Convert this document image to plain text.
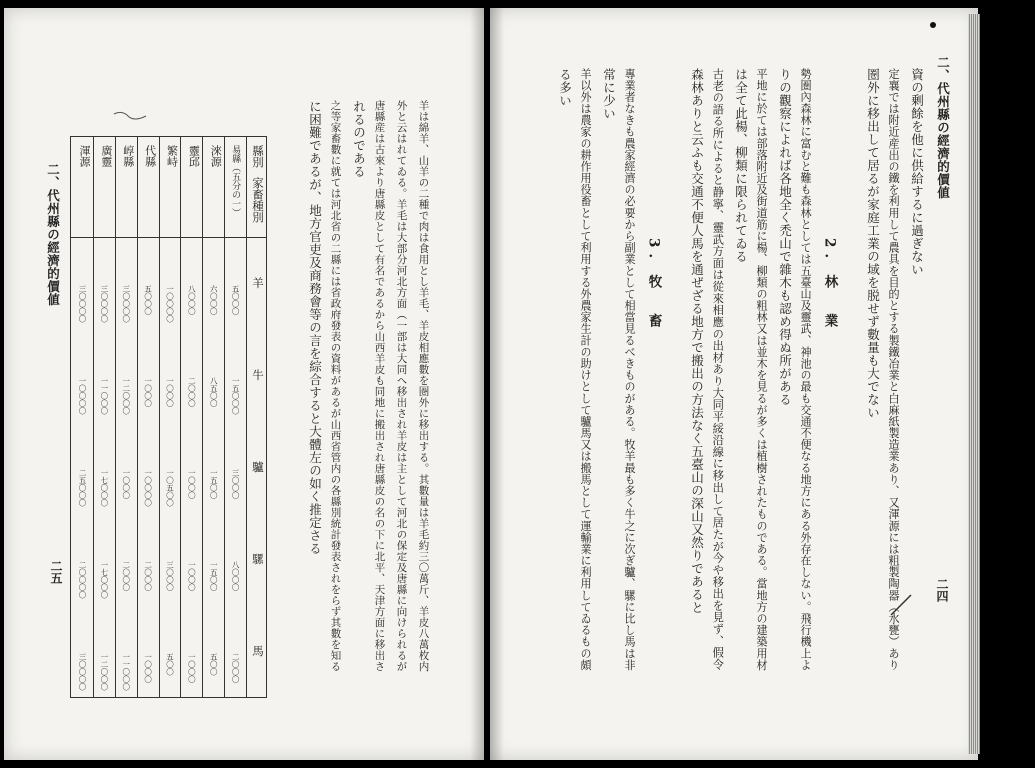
二、代州縣の經濟的價値
二五
家畜種別
縣別
羊
牛
驢
騾
馬
易縣（五分の一）
五〇〇〇
一五〇〇〇
三〇〇〇
八〇〇〇
二〇〇〇
淶源
六〇〇〇
八五〇〇
一五〇〇
一五〇〇
五〇〇
靈邱
八〇〇〇
二〇〇〇
一〇〇〇
一〇〇〇
一〇〇〇
繁峙
一〇〇〇〇
一〇〇〇
一〇五〇〇
三〇〇〇
五〇〇
代縣
五〇〇〇
一〇〇〇
一〇〇〇〇
二〇〇〇
一〇〇〇
崞縣
三〇〇〇〇
一二〇〇〇
一〇〇〇
二〇〇〇
一一〇〇〇
廣靈
三〇〇〇〇
一一〇〇〇
一七〇〇〇
一七〇〇〇
一二〇〇〇
渾源
三〇〇〇〇
一〇〇〇〇
二五〇〇〇
二〇〇〇〇
三〇〇〇〇	羊は綿羊、山羊の二種で肉は食用とし羊毛、羊皮相應數を圏外に移出する。其數量は羊毛約三〇萬斤、羊皮八萬枚内
外と云はれてゐる。羊毛は大部分河北方面（一部は大同へ移出され羊皮は主として河北の保定及唐縣に向けられるが
唐縣産は古來より唐縣皮として有名であるから山西羊皮も同地に搬出され唐縣皮の名の下に北平、天津方面に移出さ
れるのである
之等家畜數に就ては河北省の二縣には省政府發表の資料があるが山西省管内の各縣別統計發表されをらず其數を知る
に困難であるが、地方官吏及商務會等の言を綜合すると大體左の如く推定さる	二、代州縣の經濟的價値
二四
資の剰餘を他に供給するに過ぎない
定襄では附近産出の鐵を利用して農具を目的とする製鐵冶業と白麻紙製造業あり、又渾源には粗製陶器（水甕）あり
圏外に移出して居るが家庭工業の域を脱せず數量も大でない
2. 林　業
勢圏內森林に富むと難も森林としては五臺山及靈武、神池の最も交通不便なる地方にある外存在しない。飛行機上よ
りの觀察によれば各地全く禿山で雜木も認め得ぬ所がある
平地に於ては部落附近及街道筋に楊、柳類の粗林又は並木を見るが多くは植樹されたものである。當地方の建築用材
は全て此楊、柳類に限られてゐる
古老の語る所によると静寧、靈武方面は從來相應の出材あり大同平綏沿線に移出して居たが今や移出を見ず、假令
森林ありと云ふも交通不便人馬を通ぜざる地方で搬出の方法なく五臺山の深山又然りであると
3. 牧　畜
專業者なきも農家經濟の必要から副業として相當見るべきものがある。牧羊最も多く牛之に次ぎ驢、騾に比し馬は非
常に少い
羊以外は農家の耕作用役畜として利用する外農家生計の助けとして驢馬又は搬馬として運輸業に利用してゐるもの頗
る多い
